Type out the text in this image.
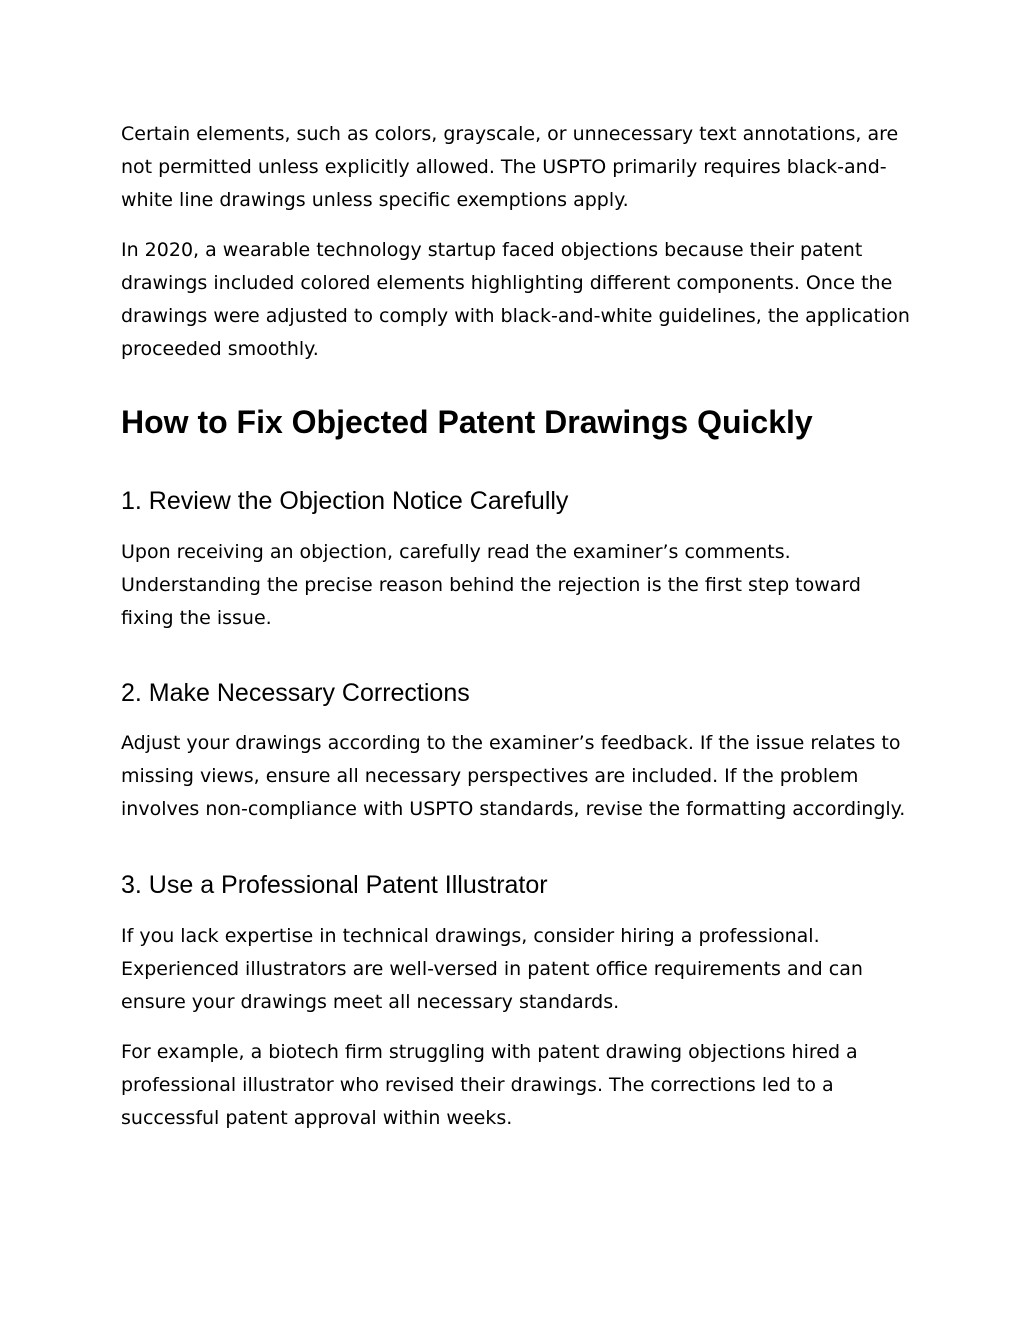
Certain elements, such as colors, grayscale, or unnecessary text annotations, are not permitted unless explicitly allowed. The USPTO primarily requires black-and-white line drawings unless specific exemptions apply.

In 2020, a wearable technology startup faced objections because their patent drawings included colored elements highlighting different components. Once the drawings were adjusted to comply with black-and-white guidelines, the application proceeded smoothly.

How to Fix Objected Patent Drawings Quickly
1. Review the Objection Notice Carefully

Upon receiving an objection, carefully read the examiner’s comments. Understanding the precise reason behind the rejection is the first step toward fixing the issue.

2. Make Necessary Corrections

Adjust your drawings according to the examiner’s feedback. If the issue relates to missing views, ensure all necessary perspectives are included. If the problem involves non-compliance with USPTO standards, revise the formatting accordingly.

3. Use a Professional Patent Illustrator

If you lack expertise in technical drawings, consider hiring a professional. Experienced illustrators are well-versed in patent office requirements and can ensure your drawings meet all necessary standards.

For example, a biotech firm struggling with patent drawing objections hired a professional illustrator who revised their drawings. The corrections led to a successful patent approval within weeks.
